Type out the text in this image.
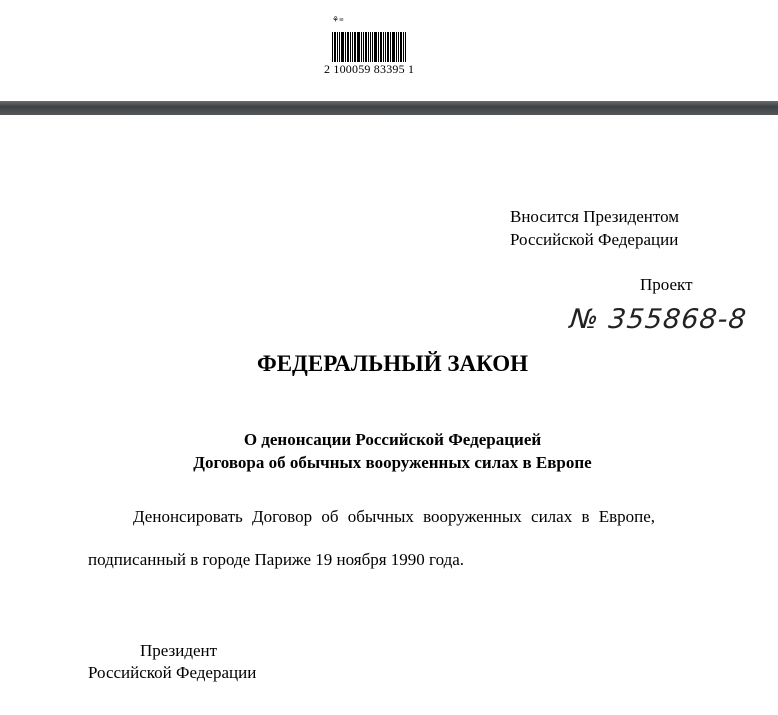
⚘≡
2 100059 83395 1
Вносится Президентом
Российской Федерации
Проект
№ 355868-8
ФЕДЕРАЛЬНЫЙ ЗАКОН
О денонсации Российской Федерацией
Договора об обычных вооруженных силах в Европе
Денонсировать Договор об обычных вооруженных силах в Европе,
подписанный в городе Париже 19 ноября 1990 года.
Президент
Российской Федерации
